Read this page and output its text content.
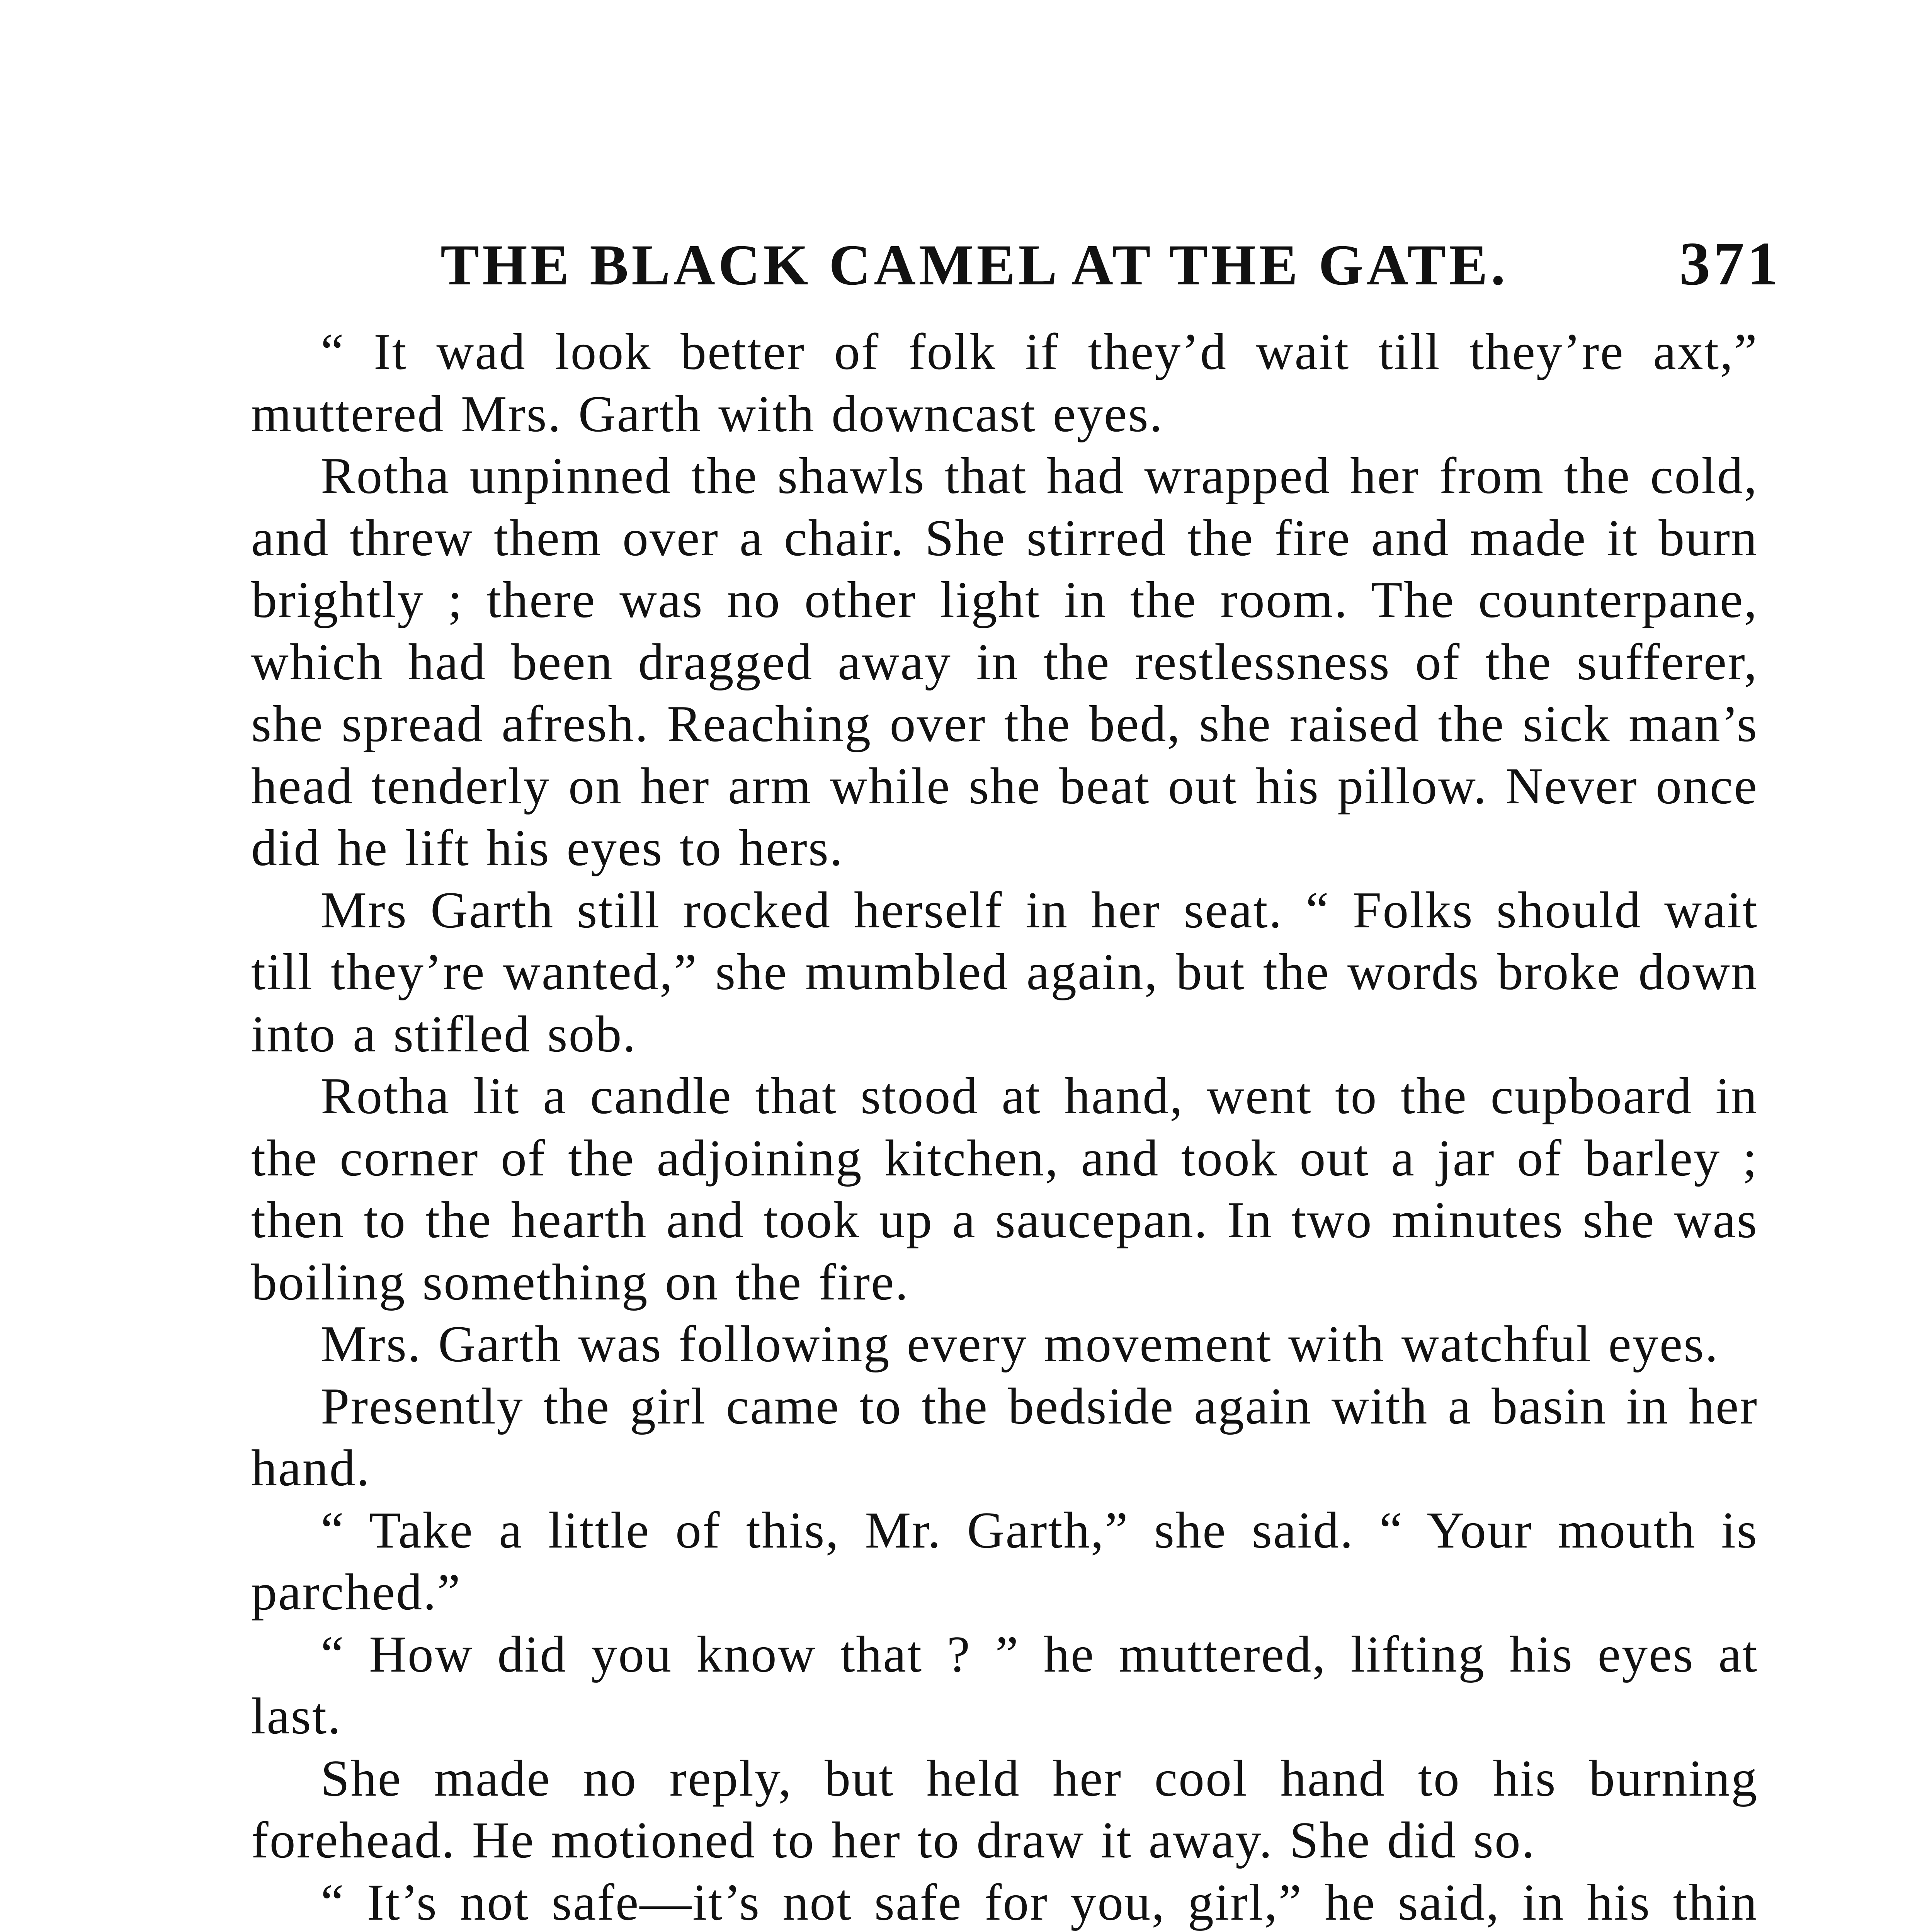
THE BLACK CAMEL AT THE GATE.	371

“ It wad look better of folk if they’d wait till they’re axt,” muttered Mrs. Garth with downcast eyes.

Rotha unpinned the shawls that had wrapped her from the cold, and threw them over a chair. She stirred the fire and made it burn brightly ; there was no other light in the room. The counterpane, which had been dragged away in the restlessness of the sufferer, she spread afresh. Reaching over the bed, she raised the sick man’s head tenderly on her arm while she beat out his pillow. Never once did he lift his eyes to hers.

Mrs Garth still rocked herself in her seat. “ Folks should wait till they’re wanted,” she mumbled again, but the words broke down into a stifled sob.

Rotha lit a candle that stood at hand, went to the cupboard in the corner of the adjoining kitchen, and took out a jar of barley ; then to the hearth and took up a saucepan. In two minutes she was boiling something on the fire.

Mrs. Garth was following every movement with watchful eyes.

Presently the girl came to the bedside again with a basin in her hand.

“ Take a little of this, Mr. Garth,” she said. “ Your mouth is parched.”

“ How did you know that ? ” he muttered, lifting his eyes at last.

She made no reply, but held her cool hand to his burning forehead. He motioned to her to draw it away. She did so.

“ It’s not safe—it’s not safe for you, girl,” he said, in his thin
